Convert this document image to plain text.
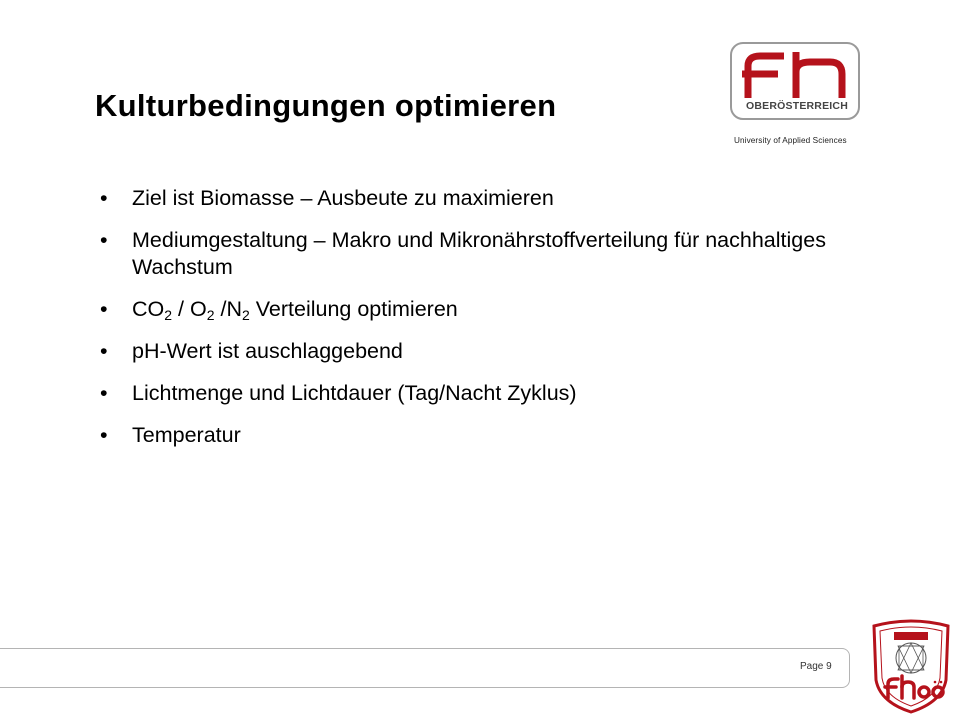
Kulturbedingungen optimieren	OBERÖSTERREICH
University of Applied Sciences
• Ziel ist Biomasse – Ausbeute zu maximieren
• Mediumgestaltung – Makro und Mikronährstoffverteilung für nachhaltiges Wachstum
• $CO_2 / O_2$ $/N_2$ Verteilung optimieren
• pH-Wert ist auschlaggebend
• Lichtmenge und Lichtdauer (Tag/Nacht Zyklus)
• Temperatur
Page 9
